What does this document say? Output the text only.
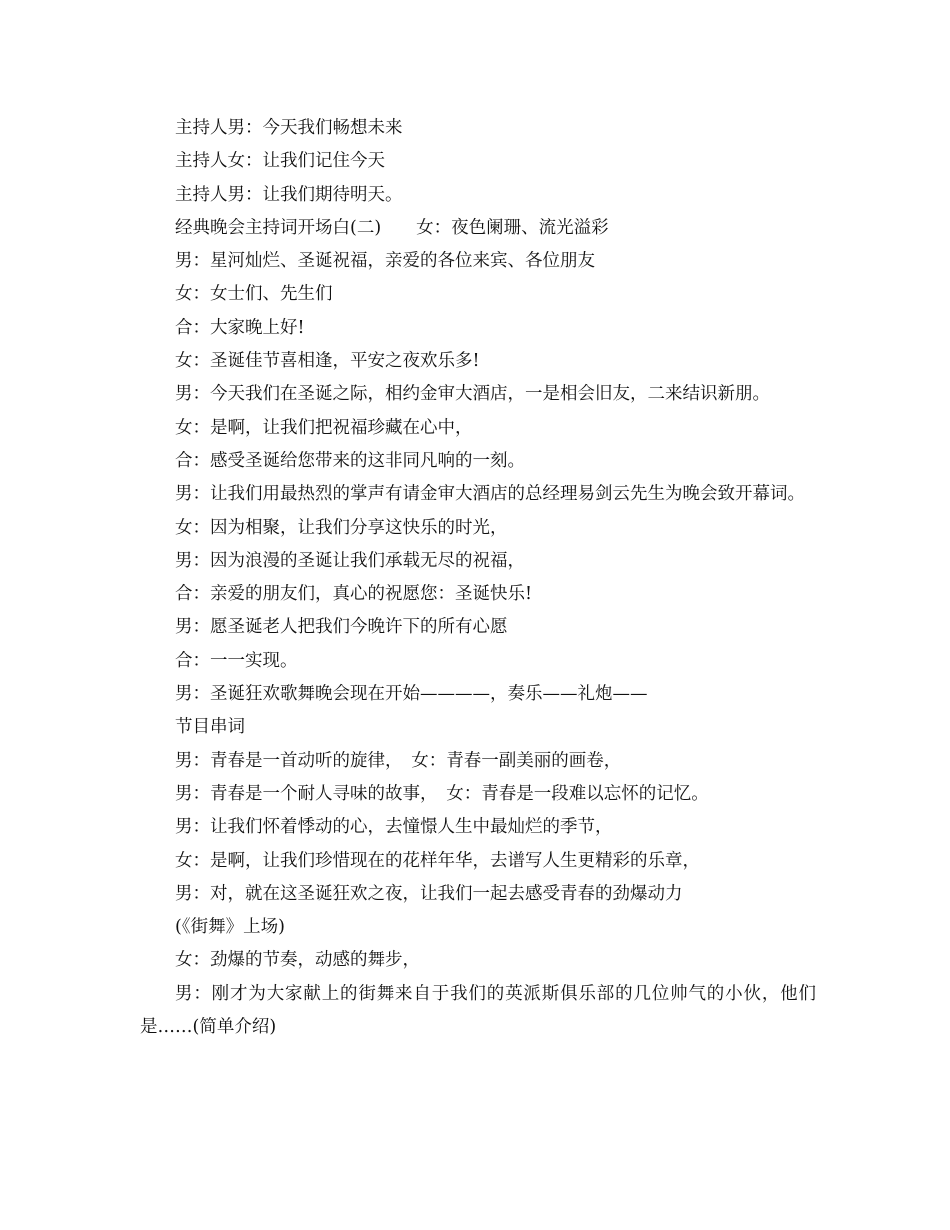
主持人男：今天我们畅想未来

主持人女：让我们记住今天

主持人男：让我们期待明天。

经典晚会主持词开场白(二)　　女：夜色阑珊、流光溢彩

男：星河灿烂、圣诞祝福，亲爱的各位来宾、各位朋友

女：女士们、先生们

合：大家晚上好!

女：圣诞佳节喜相逢，平安之夜欢乐多!

男：今天我们在圣诞之际，相约金审大酒店，一是相会旧友，二来结识新朋。

女：是啊，让我们把祝福珍藏在心中，

合：感受圣诞给您带来的这非同凡响的一刻。

男：让我们用最热烈的掌声有请金审大酒店的总经理易剑云先生为晚会致开幕词。

女：因为相聚，让我们分享这快乐的时光，

男：因为浪漫的圣诞让我们承载无尽的祝福，

合：亲爱的朋友们，真心的祝愿您：圣诞快乐!

男：愿圣诞老人把我们今晚许下的所有心愿

合：一一实现。

男：圣诞狂欢歌舞晚会现在开始————，奏乐——礼炮——

节目串词

男：青春是一首动听的旋律，　女：青春一副美丽的画卷，

男：青春是一个耐人寻味的故事，　女：青春是一段难以忘怀的记忆。

男：让我们怀着悸动的心，去憧憬人生中最灿烂的季节，

女：是啊，让我们珍惜现在的花样年华，去谱写人生更精彩的乐章，

男：对，就在这圣诞狂欢之夜，让我们一起去感受青春的劲爆动力

(《街舞》上场)

女：劲爆的节奏，动感的舞步，

男：刚才为大家献上的街舞来自于我们的英派斯俱乐部的几位帅气的小伙，他们是……(简单介绍)
